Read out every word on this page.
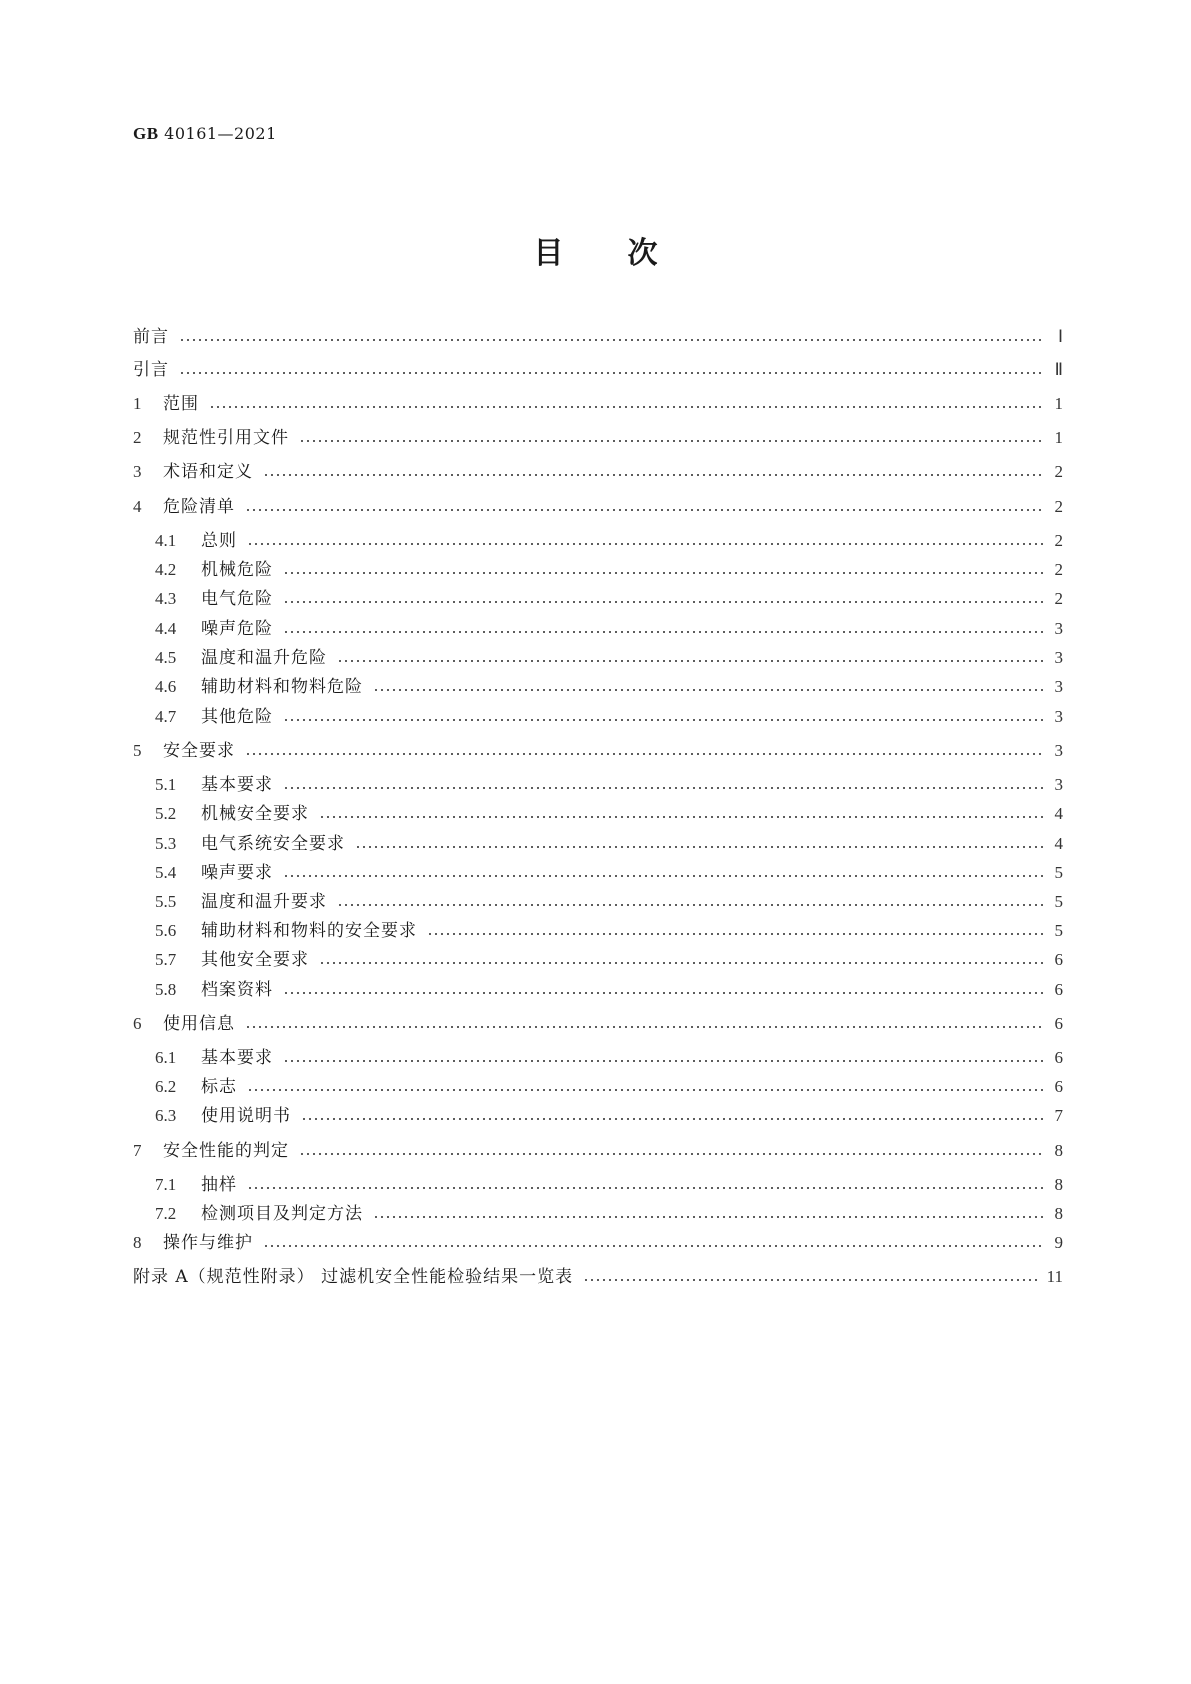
GB 40161—2021
目次
前言	Ⅰ
引言	Ⅱ
1	范围	1
2	规范性引用文件	1
3	术语和定义	2
4	危险清单	2
4.1	总则	2
4.2	机械危险	2
4.3	电气危险	2
4.4	噪声危险	3
4.5	温度和温升危险	3
4.6	辅助材料和物料危险	3
4.7	其他危险	3
5	安全要求	3
5.1	基本要求	3
5.2	机械安全要求	4
5.3	电气系统安全要求	4
5.4	噪声要求	5
5.5	温度和温升要求	5
5.6	辅助材料和物料的安全要求	5
5.7	其他安全要求	6
5.8	档案资料	6
6	使用信息	6
6.1	基本要求	6
6.2	标志	6
6.3	使用说明书	7
7	安全性能的判定	8
7.1	抽样	8
7.2	检测项目及判定方法	8
8	操作与维护	9
附录 A（规范性附录） 过滤机安全性能检验结果一览表	11
